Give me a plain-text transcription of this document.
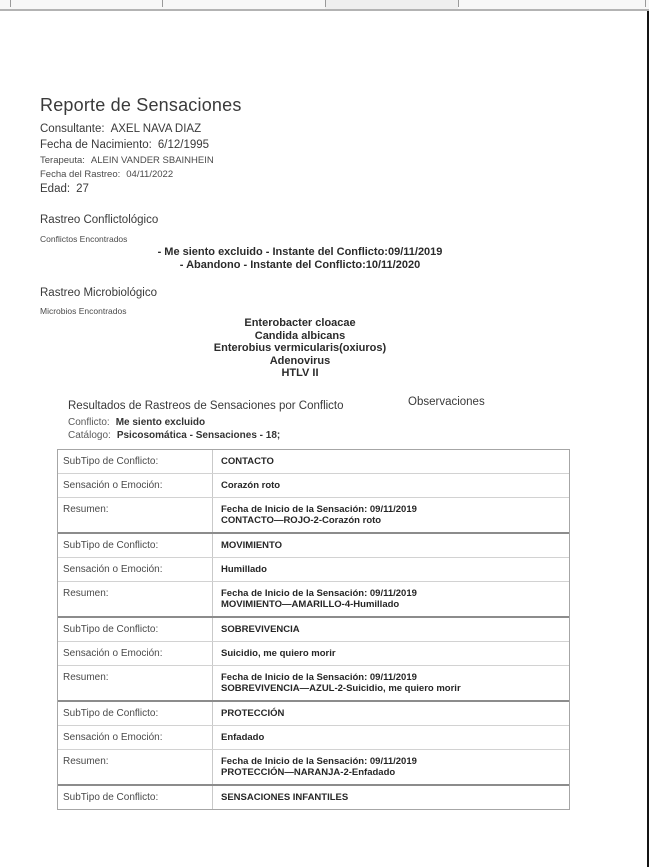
Reporte de Sensaciones
Consultante: AXEL NAVA DIAZ
Fecha de Nacimiento: 6/12/1995
Terapeuta: ALEIN VANDER SBAINHEIN
Fecha del Rastreo: 04/11/2022
Edad: 27
Rastreo Conflictológico
Conflictos Encontrados
- Me siento excluido - Instante del Conflicto:09/11/2019
- Abandono - Instante del Conflicto:10/11/2020
Rastreo Microbiológico
Microbios Encontrados
Enterobacter cloacae
Candida albicans
Enterobius vermicularis(oxiuros)
Adenovirus
HTLV II
Resultados de Rastreos de Sensaciones por Conflicto	Observaciones
Conflicto: Me siento excluido
Catálogo: Psicosomática - Sensaciones - 18;
SubTipo de Conflicto:	CONTACTO
Sensación o Emoción:	Corazón roto
Resumen:	Fecha de Inicio de la Sensación: 09/11/2019
CONTACTO—ROJO-2-Corazón roto
SubTipo de Conflicto:	MOVIMIENTO
Sensación o Emoción:	Humillado
Resumen:	Fecha de Inicio de la Sensación: 09/11/2019
MOVIMIENTO—AMARILLO-4-Humillado
SubTipo de Conflicto:	SOBREVIVENCIA
Sensación o Emoción:	Suicidio, me quiero morir
Resumen:	Fecha de Inicio de la Sensación: 09/11/2019
SOBREVIVENCIA—AZUL-2-Suicidio, me quiero morir
SubTipo de Conflicto:	PROTECCIÓN
Sensación o Emoción:	Enfadado
Resumen:	Fecha de Inicio de la Sensación: 09/11/2019
PROTECCIÓN—NARANJA-2-Enfadado
SubTipo de Conflicto:	SENSACIONES INFANTILES
